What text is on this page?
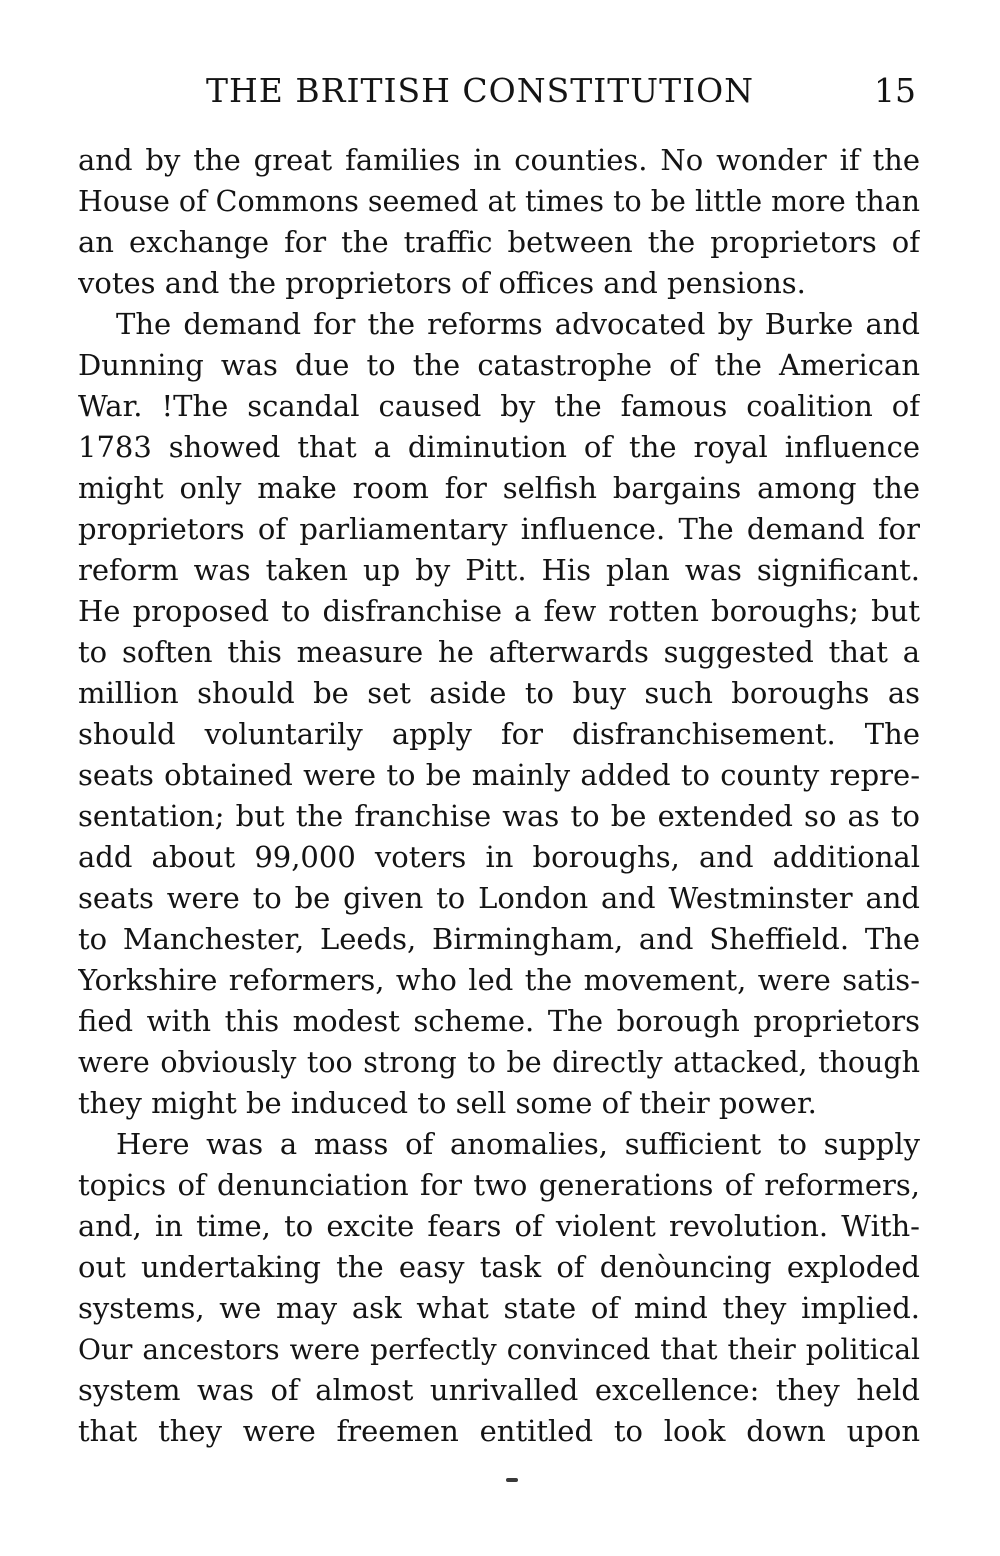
THE BRITISH CONSTITUTION	15
and by the great families in counties. No wonder if the
House of Commons seemed at times to be little more than
an exchange for the traffic between the proprietors of
votes and the proprietors of offices and pensions.
The demand for the reforms advocated by Burke and
Dunning was due to the catastrophe of the American
War. !The scandal caused by the famous coalition of
1783 showed that a diminution of the royal influence
might only make room for selfish bargains among the
proprietors of parliamentary influence. The demand for
reform was taken up by Pitt. His plan was significant.
He proposed to disfranchise a few rotten boroughs; but
to soften this measure he afterwards suggested that a
million should be set aside to buy such boroughs as
should voluntarily apply for disfranchisement. The
seats obtained were to be mainly added to county repre-
sentation; but the franchise was to be extended so as to
add about 99,000 voters in boroughs, and additional
seats were to be given to London and Westminster and
to Manchester, Leeds, Birmingham, and Sheffield. The
Yorkshire reformers, who led the movement, were satis-
fied with this modest scheme. The borough proprietors
were obviously too strong to be directly attacked, though
they might be induced to sell some of their power.
Here was a mass of anomalies, sufficient to supply
topics of denunciation for two generations of reformers,
and, in time, to excite fears of violent revolution. With-
out undertaking the easy task of denòuncing exploded
systems, we may ask what state of mind they implied.
Our ancestors were perfectly convinced that their political
system was of almost unrivalled excellence: they held
that they were freemen entitled to look down upon
